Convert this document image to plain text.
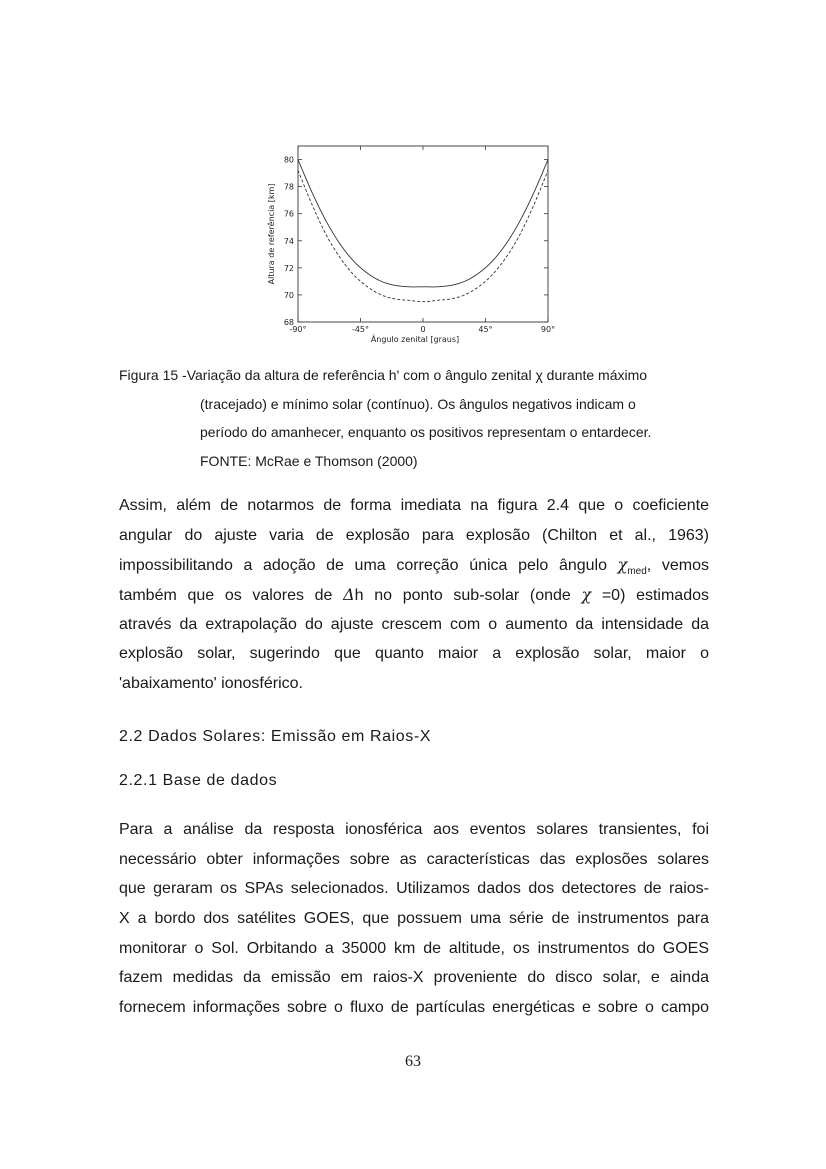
68
70
72
74
76
78
80
-90°	-45°	0	45°	90°
Ângulo zenital [graus]
Altura de referência [km]
Figura 15 - Variação da altura de referência h' com o ângulo zenital χ durante máximo
(tracejado) e mínimo solar (contínuo). Os ângulos negativos indicam o
período do amanhecer, enquanto os positivos representam o entardecer.
FONTE: McRae e Thomson (2000)
Assim, além de notarmos de forma imediata na figura 2.4 que o coeficiente
angular do ajuste varia de explosão para explosão (Chilton et al., 1963)
impossibilitando a adoção de uma correção única pelo ângulo $\chi_{med}$, vemos
também que os valores de Δh no ponto sub-solar (onde χ =0) estimados
através da extrapolação do ajuste crescem com o aumento da intensidade da
explosão solar, sugerindo que quanto maior a explosão solar, maior o
'abaixamento' ionosférico.
2.2 Dados Solares: Emissão em Raios-X
2.2.1 Base de dados
Para a análise da resposta ionosférica aos eventos solares transientes, foi
necessário obter informações sobre as características das explosões solares
que geraram os SPAs selecionados. Utilizamos dados dos detectores de raios-
X a bordo dos satélites GOES, que possuem uma série de instrumentos para
monitorar o Sol. Orbitando a 35000 km de altitude, os instrumentos do GOES
fazem medidas da emissão em raios-X proveniente do disco solar, e ainda
fornecem informações sobre o fluxo de partículas energéticas e sobre o campo
63
